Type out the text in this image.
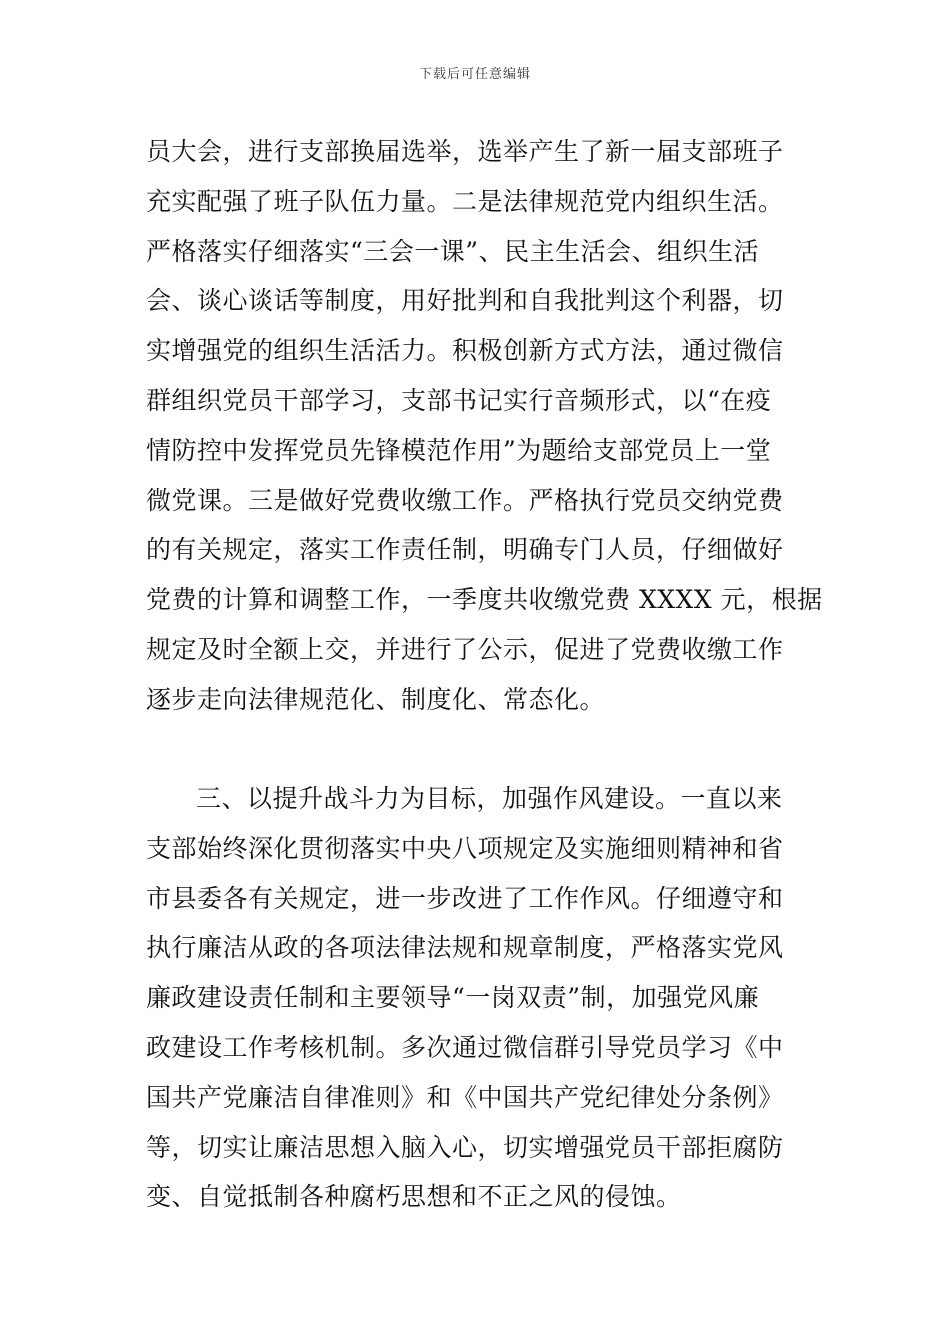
下载后可任意编辑
员大会，进行支部换届选举，选举产生了新一届支部班子
充实配强了班子队伍力量。二是法律规范党内组织生活。
严格落实仔细落实“三会一课”、民主生活会、组织生活
会、谈心谈话等制度，用好批判和自我批判这个利器，切
实增强党的组织生活活力。积极创新方式方法，通过微信
群组织党员干部学习，支部书记实行音频形式，以“在疫
情防控中发挥党员先锋模范作用”为题给支部党员上一堂
微党课。三是做好党费收缴工作。严格执行党员交纳党费
的有关规定，落实工作责任制，明确专门人员，仔细做好
党费的计算和调整工作，一季度共收缴党费 XXXX 元，根据
规定及时全额上交，并进行了公示，促进了党费收缴工作
逐步走向法律规范化、制度化、常态化。
三、以提升战斗力为目标，加强作风建设。一直以来
支部始终深化贯彻落实中央八项规定及实施细则精神和省
市县委各有关规定，进一步改进了工作作风。仔细遵守和
执行廉洁从政的各项法律法规和规章制度，严格落实党风
廉政建设责任制和主要领导“一岗双责”制，加强党风廉
政建设工作考核机制。多次通过微信群引导党员学习《中
国共产党廉洁自律准则》和《中国共产党纪律处分条例》
等，切实让廉洁思想入脑入心，切实增强党员干部拒腐防
变、自觉抵制各种腐朽思想和不正之风的侵蚀。
